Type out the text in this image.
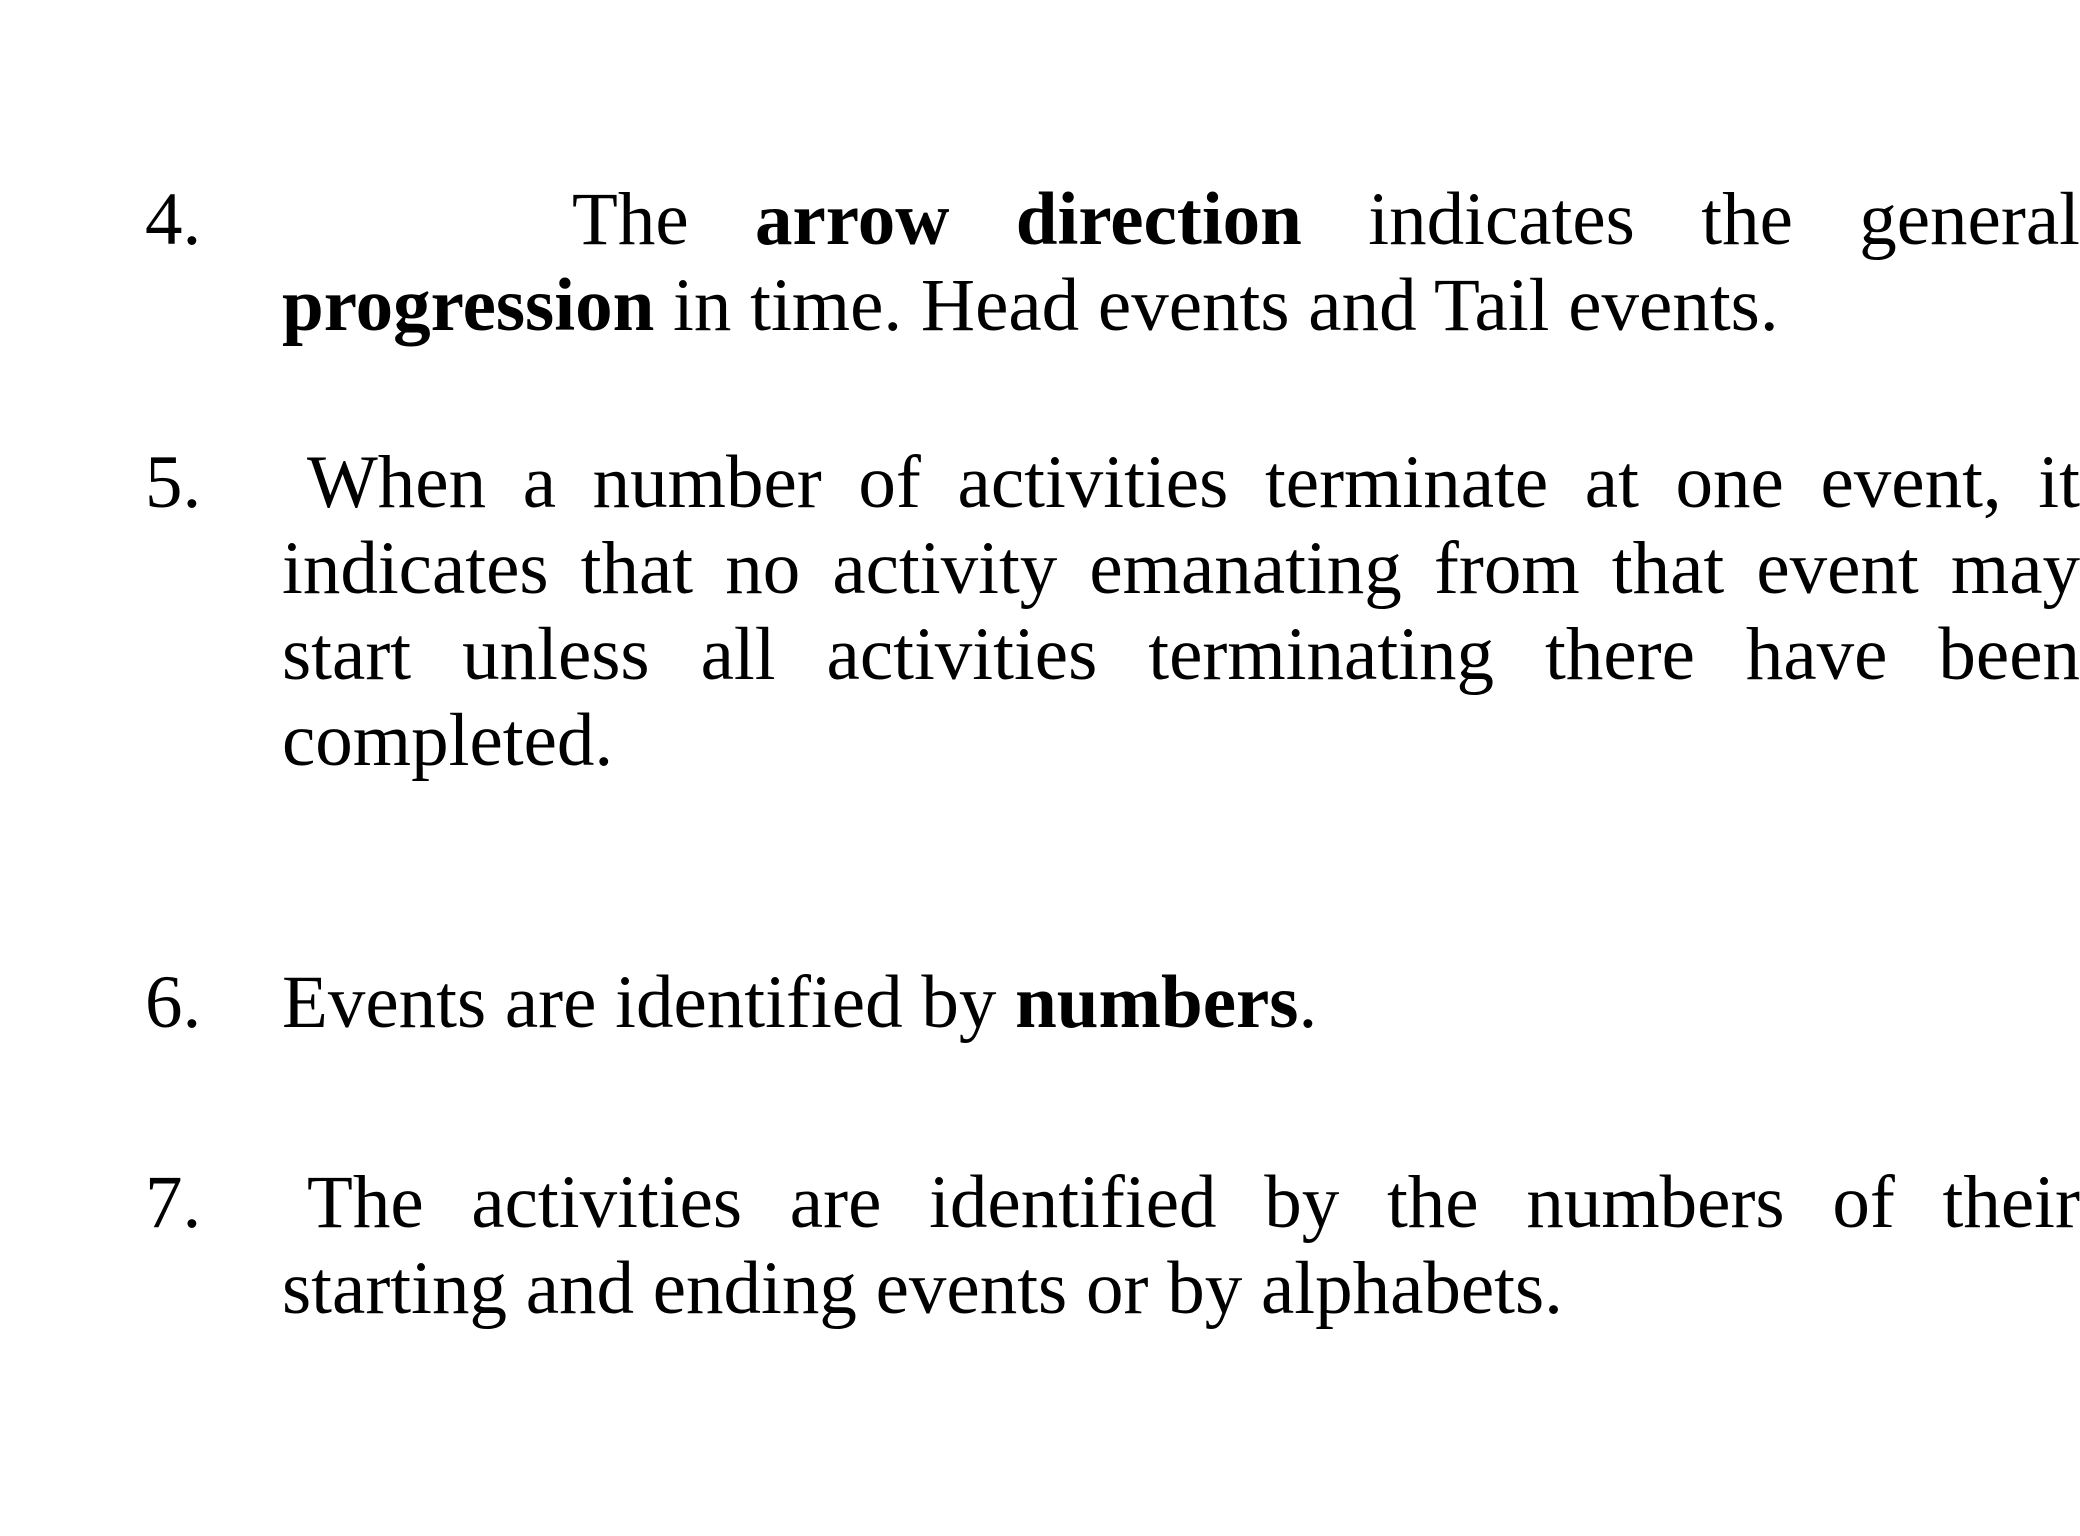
4.	The arrow direction indicates the general
progression in time. Head events and Tail events.
5.	When a number of activities terminate at one event, it indicates that no activity emanating from that event may start unless all activities terminating there have been completed.
6. Events are identified by numbers.
7.	The activities are identified by the numbers of their starting and ending events or by alphabets.
